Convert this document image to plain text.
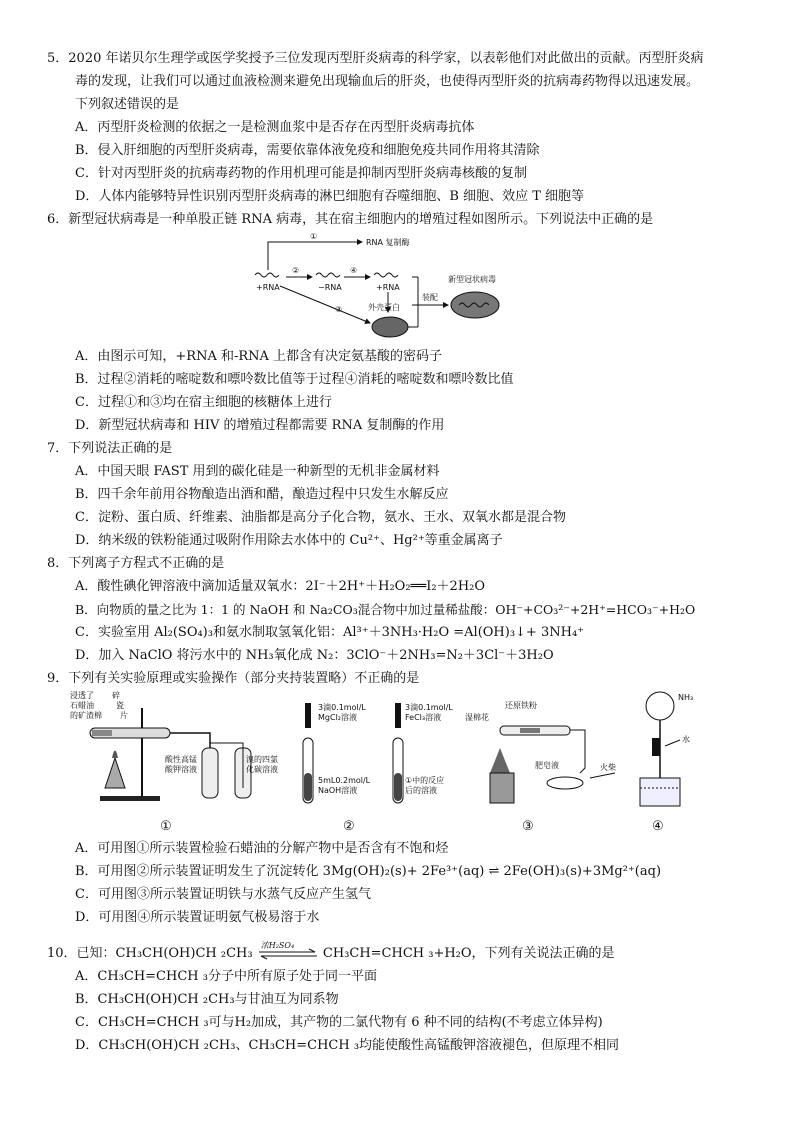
5．2020 年诺贝尔生理学或医学奖授予三位发现丙型肝炎病毒的科学家，以表彰他们对此做出的贡献。丙型肝炎病
毒的发现，让我们可以通过血液检测来避免出现输血后的肝炎，也使得丙型肝炎的抗病毒药物得以迅速发展。
下列叙述错误的是
A．丙型肝炎检测的依据之一是检测血浆中是否存在丙型肝炎病毒抗体
B．侵入肝细胞的丙型肝炎病毒，需要依靠体液免疫和细胞免疫共同作用将其清除
C．针对丙型肝炎的抗病毒药物的作用机理可能是抑制丙型肝炎病毒核酸的复制
D．人体内能够特异性识别丙型肝炎病毒的淋巴细胞有吞噬细胞、B 细胞、效应 T 细胞等
6．新型冠状病毒是一种单股正链 RNA 病毒，其在宿主细胞内的增殖过程如图所示。下列说法中正确的是
+RNA
①
RNA 复制酶
②
−RNA
④
+RNA
③	外壳蛋白
装配
新型冠状病毒
A．由图示可知，+RNA 和-RNA 上都含有决定氨基酸的密码子
B．过程②消耗的嘧啶数和嘌呤数比值等于过程④消耗的嘧啶数和嘌呤数比值
C．过程①和③均在宿主细胞的核糖体上进行
D．新型冠状病毒和 HIV 的增殖过程都需要 RNA 复制酶的作用
7．下列说法正确的是
A．中国天眼 FAST 用到的碳化硅是一种新型的无机非金属材料
B．四千余年前用谷物酿造出酒和醋，酿造过程中只发生水解反应
C．淀粉、蛋白质、纤维素、油脂都是高分子化合物，氨水、王水、双氧水都是混合物
D．纳米级的铁粉能通过吸附作用除去水体中的 Cu²⁺、Hg²⁺等重金属离子
8．下列离子方程式不正确的是
A．酸性碘化钾溶液中滴加适量双氧水：2I⁻＋2H⁺＋H₂O₂══I₂＋2H₂O
B．向物质的量之比为 1：1 的 NaOH 和 Na₂CO₃混合物中加过量稀盐酸：OH⁻+CO₃²⁻+2H⁺=HCO₃⁻+H₂O
C．实验室用 Al₂(SO₄)₃和氨水制取氢氧化铝：Al³⁺＋3NH₃·H₂O =Al(OH)₃↓+ 3NH₄⁺
D．加入 NaClO 将污水中的 NH₃氧化成 N₂：3ClO⁻＋2NH₃=N₂＋3Cl⁻＋3H₂O
9．下列有关实验原理或实验操作（部分夹持装置略）不正确的是
浸透了
石蜡油
的矿渣棉
碎
瓷
片
酸性高锰
酸钾溶液
溴的四氯
化碳溶液
①
3滴0.1mol/L
MgCl₂溶液
3滴0.1mol/L
FeCl₃溶液
5mL0.2mol/L
NaOH溶液
①中的反应
后的溶液
②
还原铁粉
湿棉花
肥皂液	火柴
③
NH₃
水
④
A．可用图①所示装置检验石蜡油的分解产物中是否含有不饱和烃
B．可用图②所示装置证明发生了沉淀转化 3Mg(OH)₂(s)+ 2Fe³⁺(aq) ⇌ 2Fe(OH)₃(s)+3Mg²⁺(aq)
C．可用图③所示装置证明铁与水蒸气反应产生氢气
D．可用图④所示装置证明氨气极易溶于水
10．已知：CH₃CH(OH)CH ₂CH₃
浓H₂SO₄
CH₃CH=CHCH ₃+H₂O，下列有关说法正确的是
A．CH₃CH=CHCH ₃分子中所有原子处于同一平面
B．CH₃CH(OH)CH ₂CH₃与甘油互为同系物
C．CH₃CH=CHCH ₃可与H₂加成，其产物的二氯代物有 6 种不同的结构(不考虑立体异构)
D．CH₃CH(OH)CH ₂CH₃、CH₃CH=CHCH ₃均能使酸性高锰酸钾溶液褪色，但原理不相同
